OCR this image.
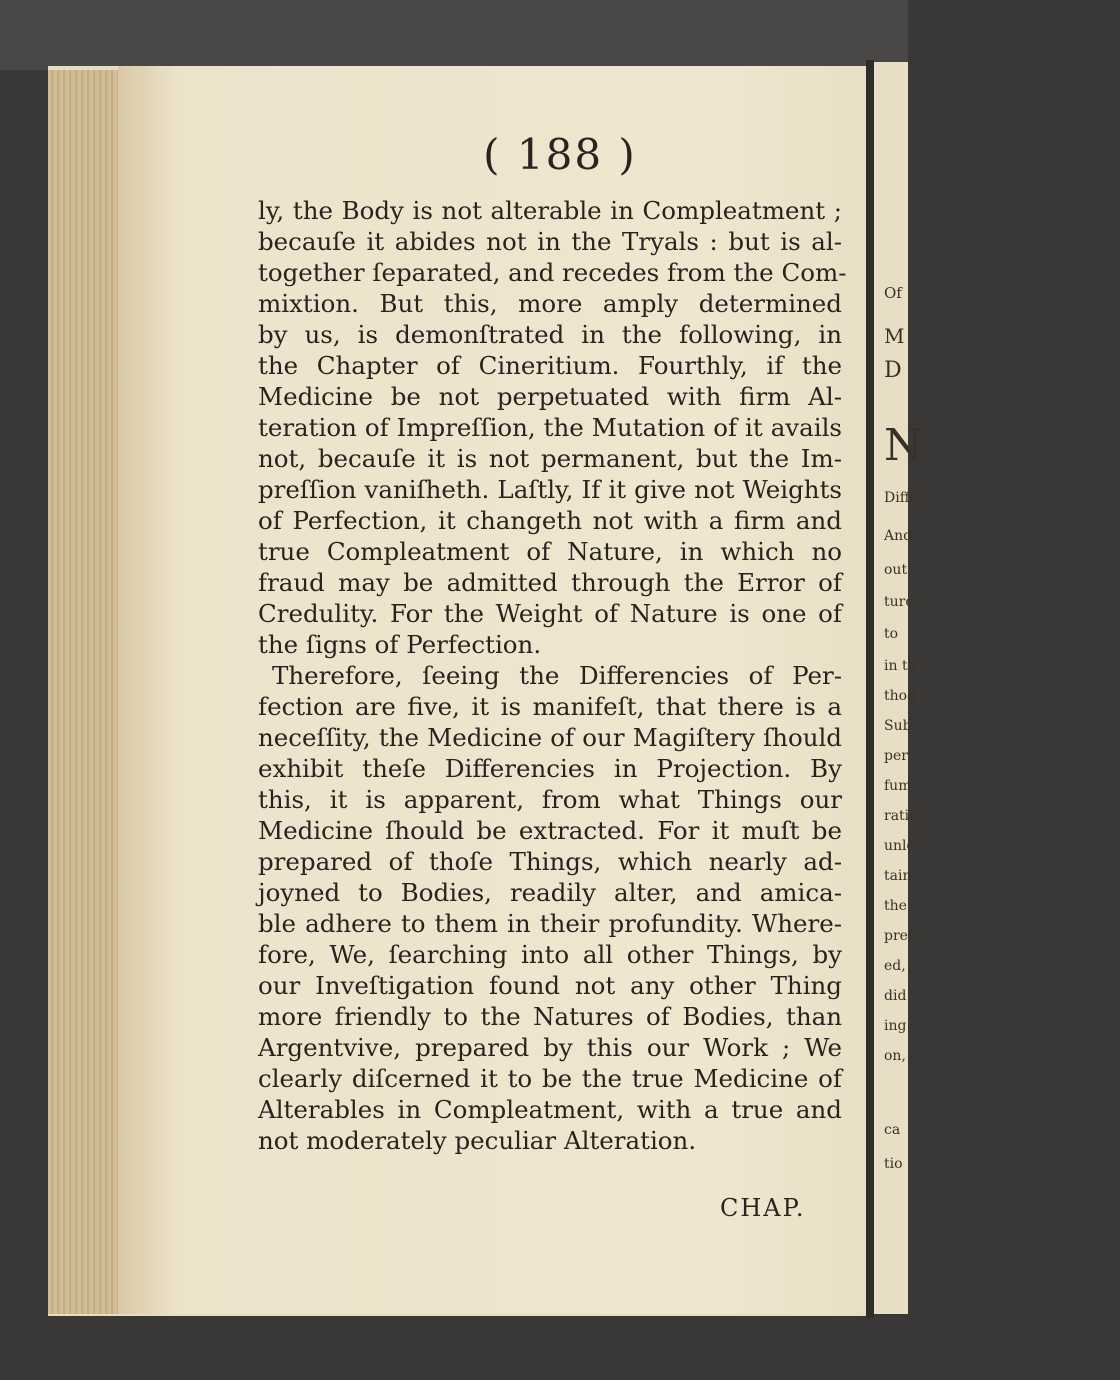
Of
M
D
N
Diffe
And
out
ture
to
in th
thod
Sub
per
fum
ratio
unle
tain
the
pref
ed,
did
ing
on,
ca
tio
( 188 )
ly, the Body is not alterable in Compleatment ;
becauſe it abides not in the Tryals : but is al-
together ſeparated, and recedes from the Com-
mixtion. But this, more amply determined
by us, is demonſtrated in the following, in
the Chapter of Cineritium. Fourthly, if the
Medicine be not perpetuated with firm Al-
teration of Impreſſion, the Mutation of it avails
not, becauſe it is not permanent, but the Im-
preſſion vaniſheth. Laſtly, If it give not Weights
of Perfection, it changeth not with a firm and
true Compleatment of Nature, in which no
fraud may be admitted through the Error of
Credulity. For the Weight of Nature is one of
the ſigns of Perfection.
Therefore, ſeeing the Differencies of Per-
fection are five, it is manifeſt, that there is a
neceſſity, the Medicine of our Magiſtery ſhould
exhibit theſe Differencies in Projection. By
this, it is apparent, from what Things our
Medicine ſhould be extracted. For it muſt be
prepared of thoſe Things, which nearly ad-
joyned to Bodies, readily alter, and amica-
ble adhere to them in their profundity. Where-
fore, We, ſearching into all other Things, by
our Inveſtigation found not any other Thing
more friendly to the Natures of Bodies, than
Argentvive, prepared by this our Work ; We
clearly diſcerned it to be the true Medicine of
Alterables in Compleatment, with a true and
not moderately peculiar Alteration.
CHAP.
